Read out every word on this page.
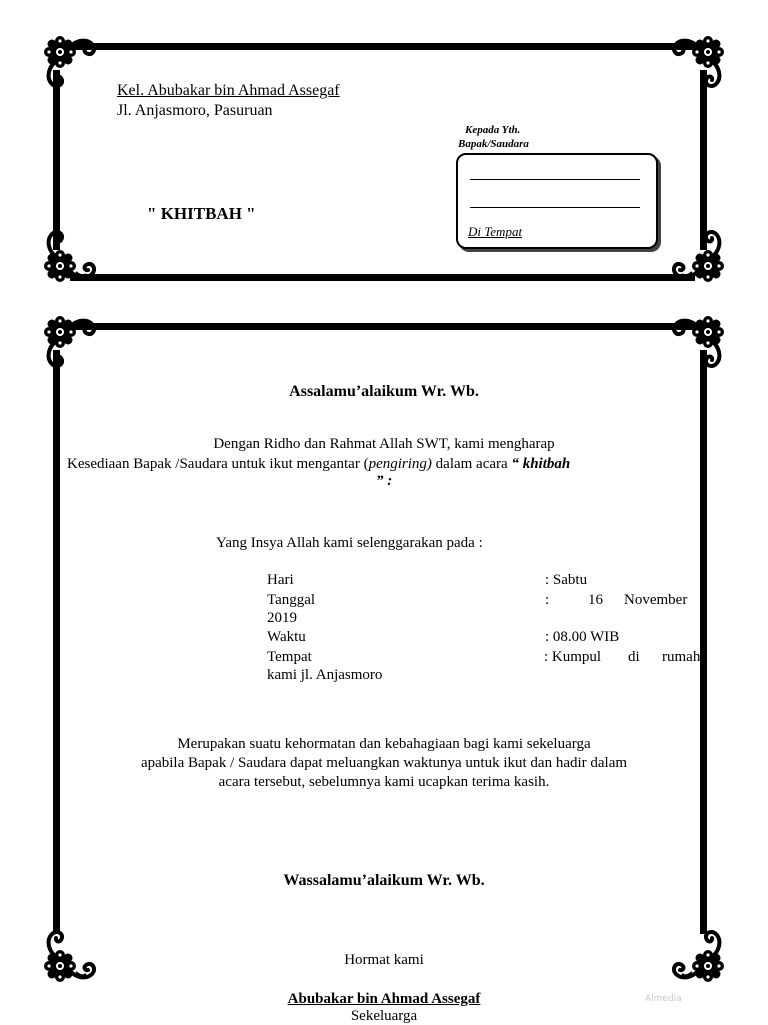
Kel. Abubakar bin Ahmad Assegaf
Jl. Anjasmoro, Pasuruan
" KHITBAH "
Kepada Yth.
Bapak/Saudara
Di Tempat
Assalamu’alaikum Wr. Wb.
Dengan Ridho dan Rahmat Allah SWT, kami mengharap
Kesediaan Bapak /Saudara untuk ikut mengantar (pengiring) dalam acara “ khitbah
” :
Yang Insya Allah kami selenggarakan pada :
Hari	: Sabtu
Tanggal	:	16 November
2019
Waktu	: 08.00 WIB
Tempat	: Kumpul di rumah
kami jl. Anjasmoro
Merupakan suatu kehormatan dan kebahagiaan bagi kami sekeluarga
apabila Bapak / Saudara dapat meluangkan waktunya untuk ikut dan hadir dalam
acara tersebut, sebelumnya kami ucapkan terima kasih.
Wassalamu’alaikum Wr. Wb.
Hormat kami
Abubakar bin Ahmad Assegaf
Sekeluarga
Almedia
